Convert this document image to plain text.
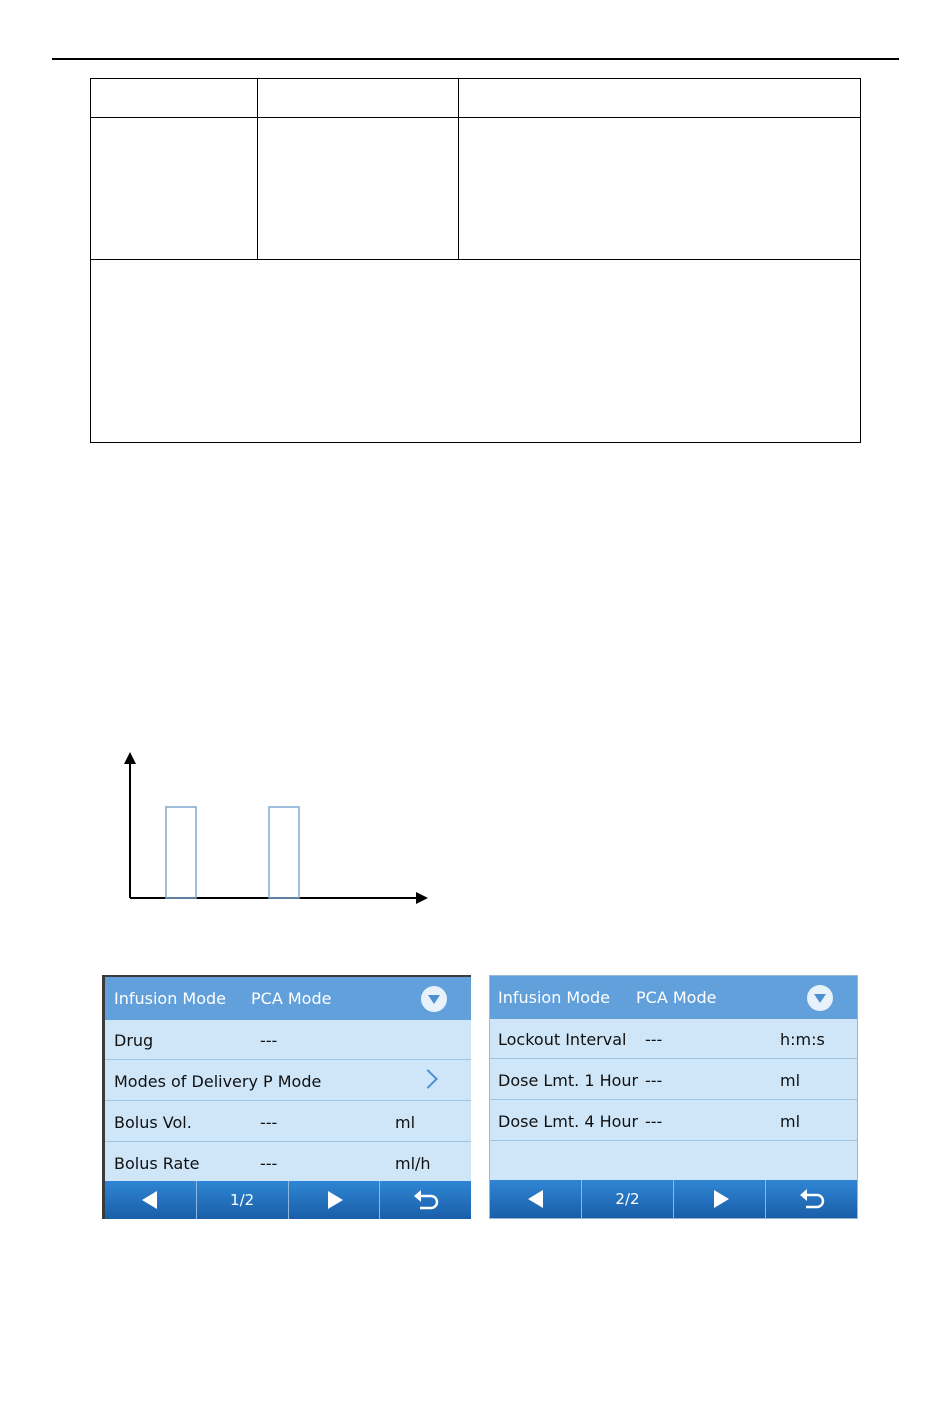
Infusion Mode PCA Mode
Drug	---
Modes of Delivery P Mode
Bolus Vol.	---	ml
Bolus Rate	---	ml/h
1/2
Infusion Mode PCA Mode
Lockout Interval ---	h:m:s
Dose Lmt. 1 Hour ---	ml
Dose Lmt. 4 Hour ---	ml
2/2
